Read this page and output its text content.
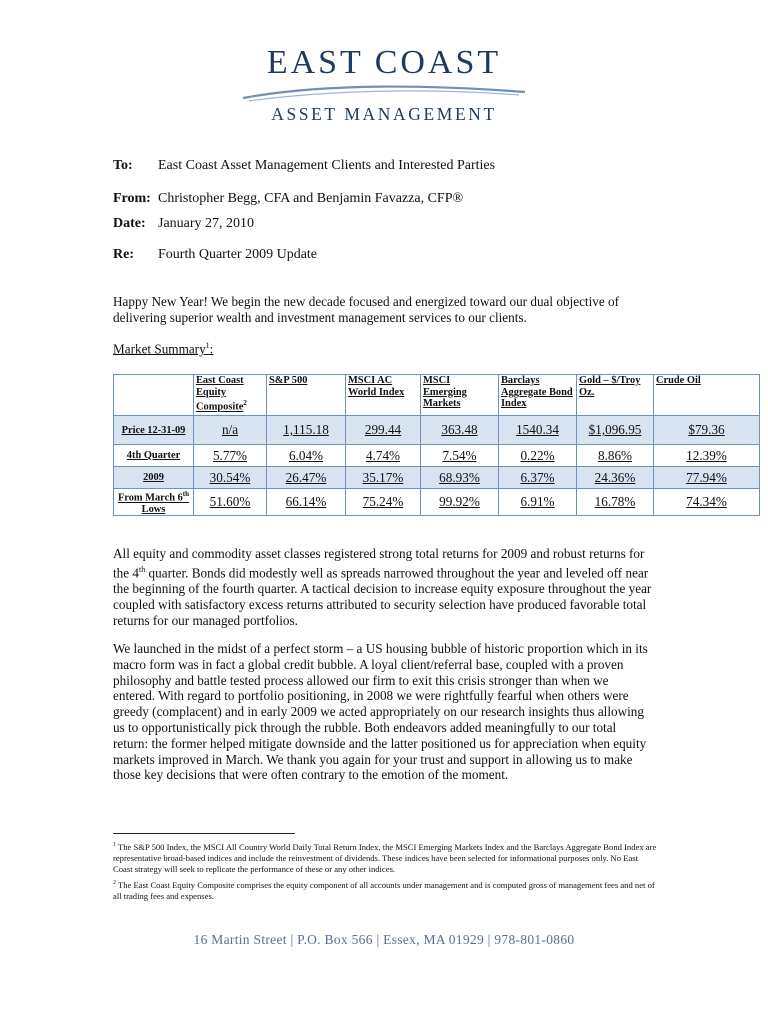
EAST COAST
ASSET MANAGEMENT
To: East Coast Asset Management Clients and Interested Parties
From: Christopher Begg, CFA and Benjamin Favazza, CFP®
Date: January 27, 2010
Re: Fourth Quarter 2009 Update
Happy New Year! We begin the new decade focused and energized toward our dual objective of delivering superior wealth and investment management services to our clients.
Market Summary$^1$:
	East Coast Equity Composite$^2$	S&P 500	MSCI AC World Index	MSCI Emerging Markets	Barclays Aggregate Bond Index	Gold – $/Troy Oz.	Crude Oil
Price 12-31-09	n/a	1,115.18	299.44	363.48	1540.34	$1,096.95	$79.36
4th Quarter	5.77%	6.04%	4.74%	7.54%	0.22%	8.86%	12.39%
2009	30.54%	26.47%	35.17%	68.93%	6.37%	24.36%	77.94%
From March 6th Lows	51.60%	66.14%	75.24%	99.92%	6.91%	16.78%	74.34%
All equity and commodity asset classes registered strong total returns for 2009 and robust returns for the 4th quarter. Bonds did modestly well as spreads narrowed throughout the year and leveled off near the beginning of the fourth quarter. A tactical decision to increase equity exposure throughout the year coupled with satisfactory excess returns attributed to security selection have produced favorable total returns for our managed portfolios.
We launched in the midst of a perfect storm – a US housing bubble of historic proportion which in its macro form was in fact a global credit bubble. A loyal client/referral base, coupled with a proven philosophy and battle tested process allowed our firm to exit this crisis stronger than when we entered. With regard to portfolio positioning, in 2008 we were rightfully fearful when others were greedy (complacent) and in early 2009 we acted appropriately on our research insights thus allowing us to opportunistically pick through the rubble. Both endeavors added meaningfully to our total return: the former helped mitigate downside and the latter positioned us for appreciation when equity markets improved in March. We thank you again for your trust and support in allowing us to make those key decisions that were often contrary to the emotion of the moment.
$^1$ The S&P 500 Index, the MSCI All Country World Daily Total Return Index, the MSCI Emerging Markets Index and the Barclays Aggregate Bond Index are representative broad-based indices and include the reinvestment of dividends. These indices have been selected for informational purposes only. No East Coast strategy will seek to replicate the performance of these or any other indices.
$^2$ The East Coast Equity Composite comprises the equity component of all accounts under management and is computed gross of management fees and net of all trading fees and expenses.
16 Martin Street | P.O. Box 566 | Essex, MA 01929 | 978-801-0860
